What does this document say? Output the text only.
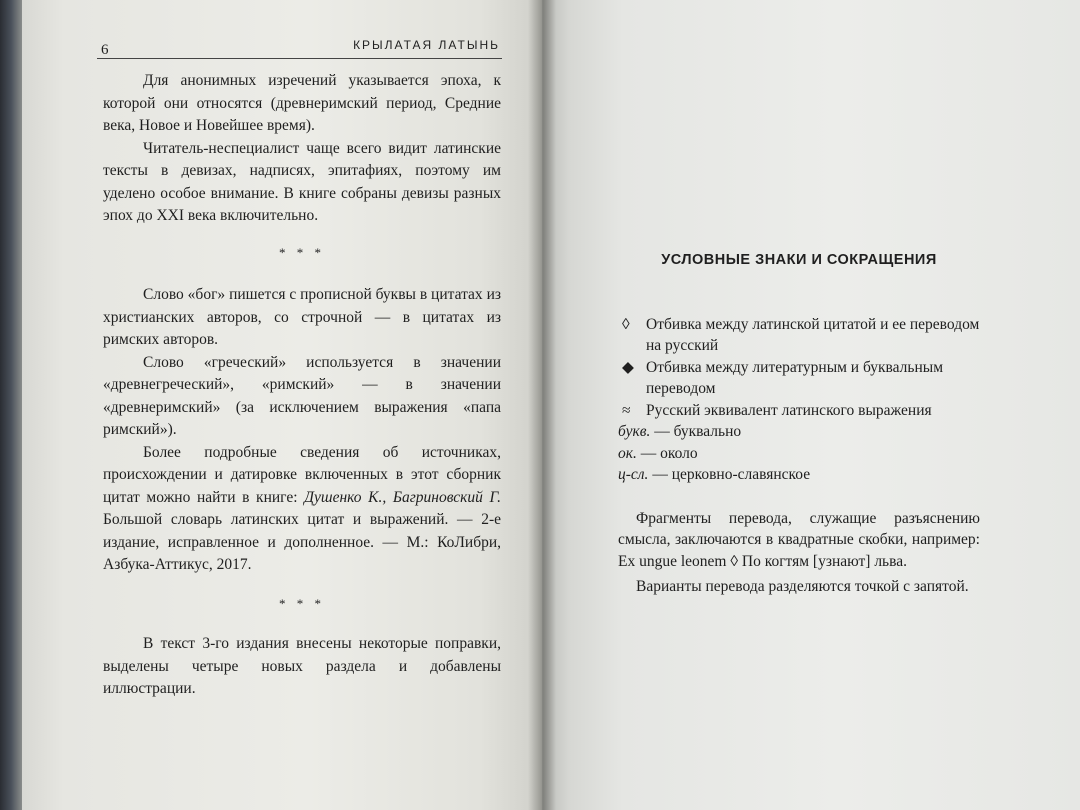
6	КРЫЛАТАЯ ЛАТЫНЬ

Для анонимных изречений указывается эпоха, к которой они относятся (древнеримский период, Средние века, Новое и Новейшее время).

Читатель-неспециалист чаще всего видит латинские тексты в девизах, надписях, эпитафиях, поэтому им уделено особое внимание. В книге собраны девизы разных эпох до XXI века включительно.

* * *

Слово «бог» пишется с прописной буквы в цитатах из христианских авторов, со строчной — в цитатах из римских авторов.

Слово «греческий» используется в значении «древнегреческий», «римский» — в значении «древнеримский» (за исключением выражения «папа римский»).

Более подробные сведения об источниках, происхождении и датировке включенных в этот сборник цитат можно найти в книге: Душенко К., Багриновский Г. Большой словарь латинских цитат и выражений. — 2-е издание, исправленное и дополненное. — М.: КоЛибри, Азбука-Аттикус, 2017.

* * *

В текст 3-го издания внесены некоторые поправки, выделены четыре новых раздела и добавлены иллюстрации.

УСЛОВНЫЕ ЗНАКИ И СОКРАЩЕНИЯ
◊ Отбивка между латинской цитатой и ее переводом на русский
◆ Отбивка между литературным и буквальным переводом
≈ Русский эквивалент латинского выражения
букв. — буквально
ок. — около
ц-сл. — церковно-славянское

Фрагменты перевода, служащие разъяснению смысла, заключаются в квадратные скобки, например: Ex ungue leonem ◊ По когтям [узнают] льва.

Варианты перевода разделяются точкой с запятой.
